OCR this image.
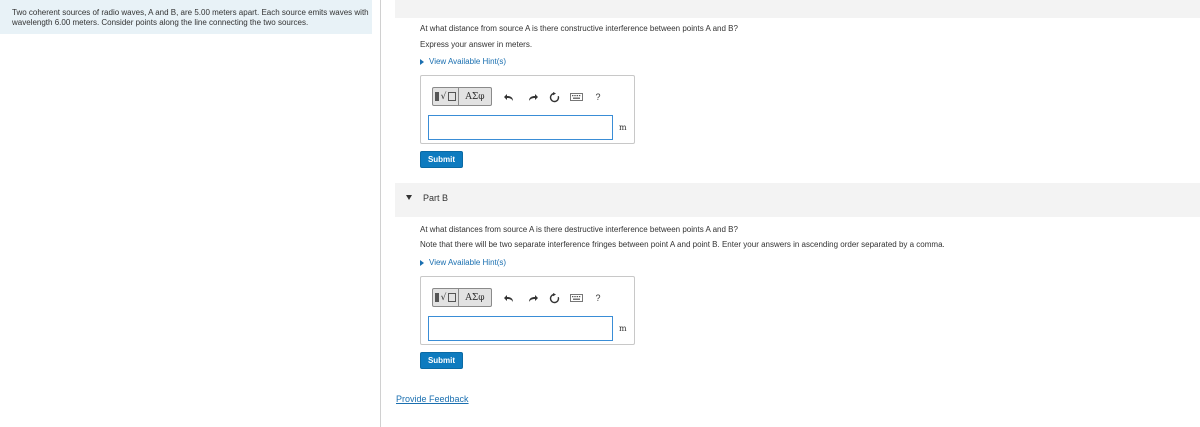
Two coherent sources of radio waves, A and B, are 5.00 meters apart. Each source emits waves with
wavelength 6.00 meters. Consider points along the line connecting the two sources.
At what distance from source A is there constructive interference between points A and B?
Express your answer in meters.
View Available Hint(s)
√	ΑΣφ	?
m
Submit
Part B
At what distances from source A is there destructive interference between points A and B?
Note that there will be two separate interference fringes between point A and point B. Enter your answers in ascending order separated by a comma.
View Available Hint(s)
√	ΑΣφ	?
m
Submit
Provide Feedback
